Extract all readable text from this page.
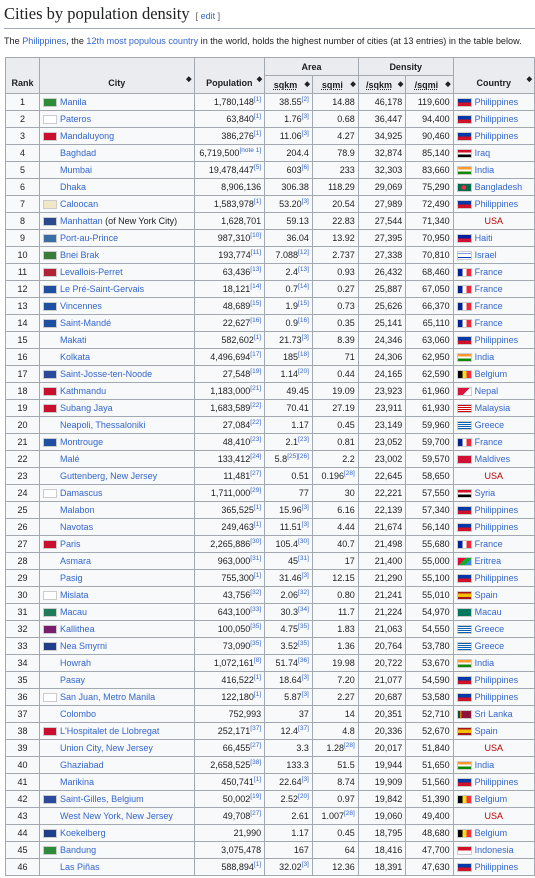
Cities by population density [ edit ]

The Philippines, the 12th most populous country in the world, holds the highest number of cities (at 13 entries) in the table below.

Rank	City ◆	Population ◆	Area		Density		Country ◆

			sqkm ◆	sqmi ◆	/sqkm ◆	/sqmi ◆	

1	Manila	1,780,148[1]	38.55[2]	14.88	46,178	119,600	Philippines
2	Pateros	63,840[1]	1.76[3]	0.68	36,447	94,400	Philippines
3	Mandaluyong	386,276[1]	11.06[3]	4.27	34,925	90,460	Philippines
4	Baghdad	6,719,500[note 1]	204.4	78.9	32,874	85,140	Iraq
5	Mumbai	19,478,447[5]	603[6]	233	32,303	83,660	India
6	Dhaka	8,906,136	306.38	118.29	29,069	75,290	Bangladesh
7	Caloocan	1,583,978[1]	53.20[3]	20.54	27,989	72,490	Philippines
8	Manhattan (of New York City)	1,628,701	59.13	22.83	27,544	71,340	USA
9	Port-au-Prince	987,310[10]	36.04	13.92	27,395	70,950	Haiti
10	Bnei Brak	193,774[11]	7.088[12]	2.737	27,338	70,810	Israel
11	Levallois-Perret	63,436[13]	2.4[13]	0.93	26,432	68,460	France
12	Le Pré-Saint-Gervais	18,121[14]	0.7[14]	0.27	25,887	67,050	France
13	Vincennes	48,689[15]	1.9[15]	0.73	25,626	66,370	France
14	Saint-Mandé	22,627[16]	0.9[16]	0.35	25,141	65,110	France
15	Makati	582,602[1]	21.73[3]	8.39	24,346	63,060	Philippines
16	Kolkata	4,496,694[17]	185[18]	71	24,306	62,950	India
17	Saint-Josse-ten-Noode	27,548[19]	1.14[20]	0.44	24,165	62,590	Belgium
18	Kathmandu	1,183,000[21]	49.45	19.09	23,923	61,960	Nepal
19	Subang Jaya	1,683,589[22]	70.41	27.19	23,911	61,930	Malaysia
20	Neapoli, Thessaloniki	27,084[22]	1.17	0.45	23,149	59,960	Greece
21	Montrouge	48,410[23]	2.1[23]	0.81	23,052	59,700	France
22	Malé	133,412[24]	5.8[25][26]	2.2	23,002	59,570	Maldives
23	Guttenberg, New Jersey	11,481[27]	0.51	0.196[28]	22,645	58,650	USA
24	Damascus	1,711,000[29]	77	30	22,221	57,550	Syria
25	Malabon	365,525[1]	15.96[3]	6.16	22,139	57,340	Philippines
26	Navotas	249,463[1]	11.51[3]	4.44	21,674	56,140	Philippines
27	Paris	2,265,886[30]	105.4[30]	40.7	21,498	55,680	France
28	Asmara	963,000[31]	45[31]	17	21,400	55,000	Eritrea
29	Pasig	755,300[1]	31.46[3]	12.15	21,290	55,100	Philippines
30	Mislata	43,756[32]	2.06[32]	0.80	21,241	55,010	Spain
31	Macau	643,100[33]	30.3[34]	11.7	21,224	54,970	Macau
32	Kallithea	100,050[35]	4.75[35]	1.83	21,063	54,550	Greece
33	Nea Smyrni	73,090[35]	3.52[35]	1.36	20,764	53,780	Greece
34	Howrah	1,072,161[8]	51.74[36]	19.98	20,722	53,670	India
35	Pasay	416,522[1]	18.64[3]	7.20	21,077	54,590	Philippines
36	San Juan, Metro Manila	122,180[1]	5.87[3]	2.27	20,687	53,580	Philippines
37	Colombo	752,993	37	14	20,351	52,710	Sri Lanka
38	L'Hospitalet de Llobregat	252,171[37]	12.4[37]	4.8	20,336	52,670	Spain
39	Union City, New Jersey	66,455[27]	3.3	1.28[28]	20,017	51,840	USA
40	Ghaziabad	2,658,525[38]	133.3	51.5	19,944	51,650	India
41	Marikina	450,741[1]	22.64[3]	8.74	19,909	51,560	Philippines
42	Saint-Gilles, Belgium	50,002[19]	2.52[20]	0.97	19,842	51,390	Belgium
43	West New York, New Jersey	49,708[27]	2.61	1.007[28]	19,060	49,400	USA
44	Koekelberg	21,990	1.17	0.45	18,795	48,680	Belgium
45	Bandung	3,075,478	167	64	18,416	47,700	Indonesia
46	Las Piñas	588,894[1]	32.02[3]	12.36	18,391	47,630	Philippines
